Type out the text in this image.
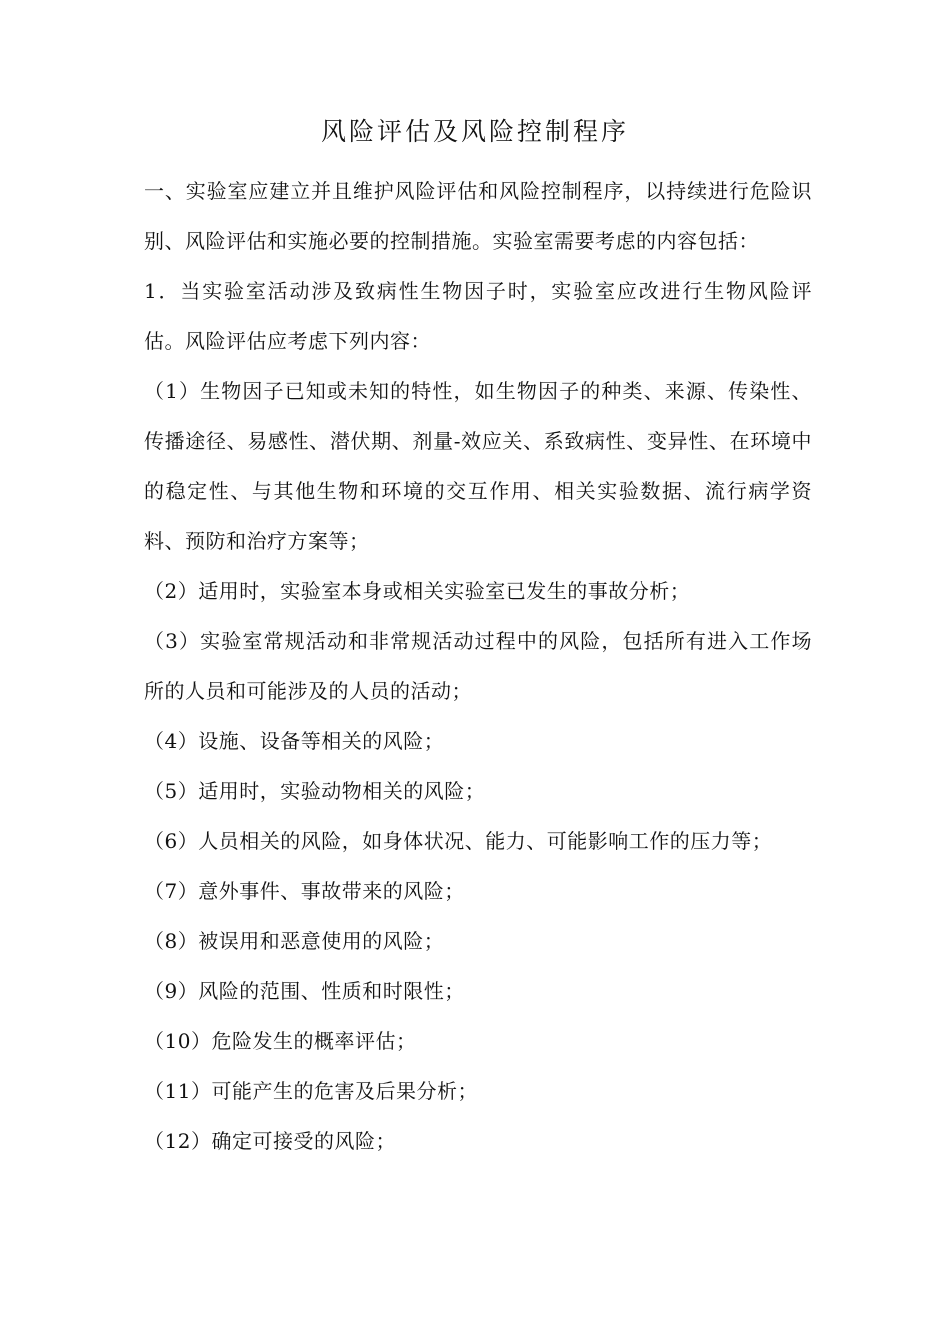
风险评估及风险控制程序

一、实验室应建立并且维护风险评估和风险控制程序，以持续进行危险识别、风险评估和实施必要的控制措施。实验室需要考虑的内容包括：

1．当实验室活动涉及致病性生物因子时，实验室应改进行生物风险评估。风险评估应考虑下列内容：

（1）生物因子已知或未知的特性，如生物因子的种类、来源、传染性、传播途径、易感性、潜伏期、剂量-效应关、系致病性、变异性、在环境中的稳定性、与其他生物和环境的交互作用、相关实验数据、流行病学资料、预防和治疗方案等；

（2）适用时，实验室本身或相关实验室已发生的事故分析；

（3）实验室常规活动和非常规活动过程中的风险，包括所有进入工作场所的人员和可能涉及的人员的活动；

（4）设施、设备等相关的风险；

（5）适用时，实验动物相关的风险；

（6）人员相关的风险，如身体状况、能力、可能影响工作的压力等；

（7）意外事件、事故带来的风险；

（8）被误用和恶意使用的风险；

（9）风险的范围、性质和时限性；

（10）危险发生的概率评估；

（11）可能产生的危害及后果分析；

（12）确定可接受的风险；
